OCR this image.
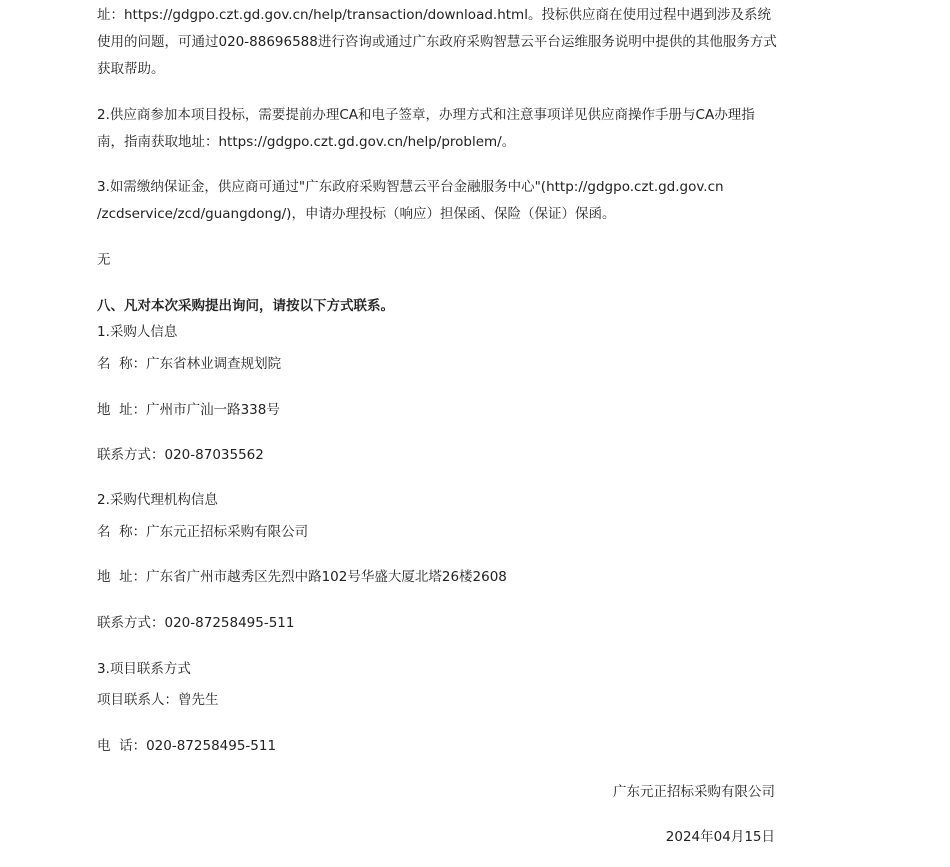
址：https://gdgpo.czt.gd.gov.cn/help/transaction/download.html。投标供应商在使用过程中遇到涉及系统
使用的问题，可通过020-88696588进行咨询或通过广东政府采购智慧云平台运维服务说明中提供的其他服务方式
获取帮助。
2.供应商参加本项目投标，需要提前办理CA和电子签章，办理方式和注意事项详见供应商操作手册与CA办理指
南，指南获取地址：https://gdgpo.czt.gd.gov.cn/help/problem/。
3.如需缴纳保证金，供应商可通过"广东政府采购智慧云平台金融服务中心"(http://gdgpo.czt.gd.gov.cn
/zcdservice/zcd/guangdong/)，申请办理投标（响应）担保函、保险（保证）保函。
无
八、凡对本次采购提出询问，请按以下方式联系。
1.采购人信息
名  称：广东省林业调查规划院
地  址：广州市广汕一路338号
联系方式：020-87035562
2.采购代理机构信息
名  称：广东元正招标采购有限公司
地  址：广东省广州市越秀区先烈中路102号华盛大厦北塔26楼2608
联系方式：020-87258495-511
3.项目联系方式
项目联系人：曾先生
电  话：020-87258495-511
广东元正招标采购有限公司
2024年04月15日
